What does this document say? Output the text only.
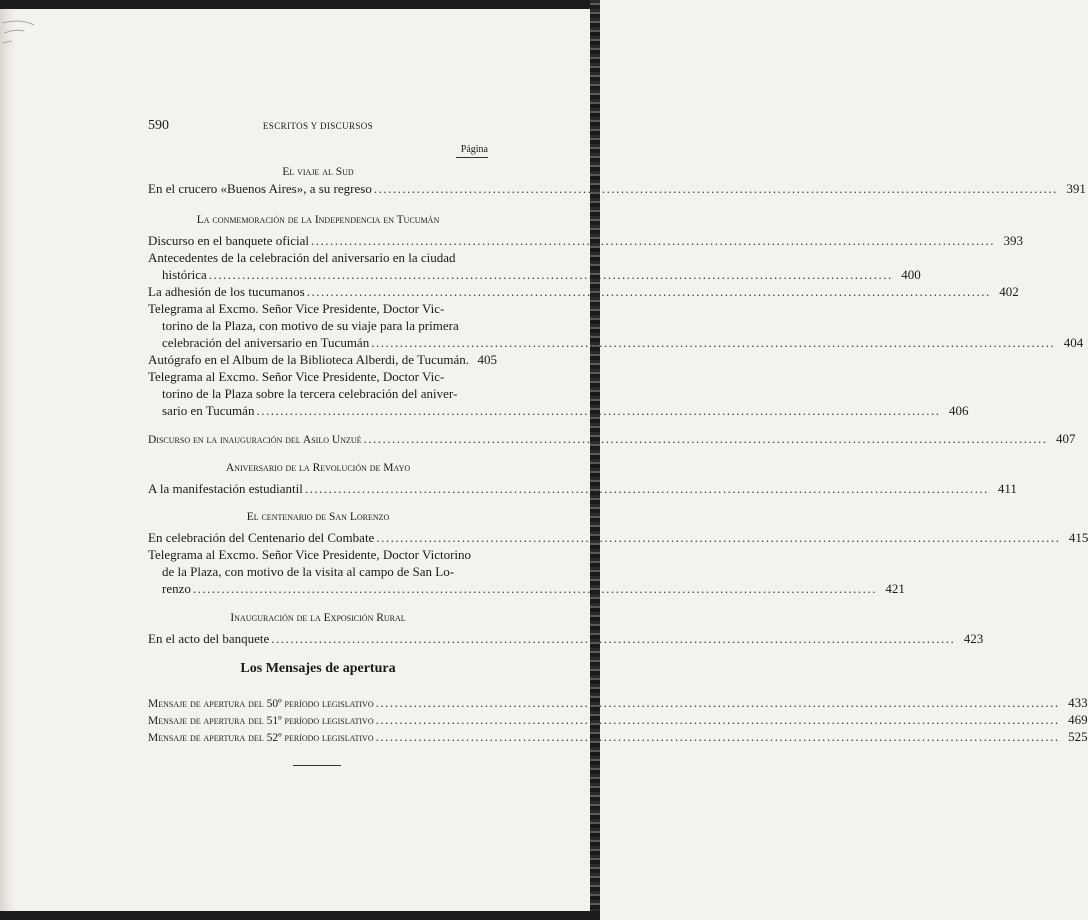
590	ESCRITOS Y DISCURSOS
Página
El viaje al Sud
En el crucero «Buenos Aires», a su regreso .....	391
La conmemoración de la Independencia en Tucumán
Discurso en el banquete oficial .....	393
Antecedentes de la celebración del aniversario en la ciudad
histórica .....	400
La adhesión de los tucumanos .....	402
Telegrama al Excmo. Señor Vice Presidente, Doctor Vic-
torino de la Plaza, con motivo de su viaje para la primera
celebración del aniversario en Tucumán .....	404
Autógrafo en el Album de la Biblioteca Alberdi, de Tucumán. 405
Telegrama al Excmo. Señor Vice Presidente, Doctor Vic-
torino de la Plaza sobre la tercera celebración del aniver-
sario en Tucumán .....	406
Discurso en la inauguración del Asilo Unzué .....	407
Aniversario de la Revolución de Mayo
A la manifestación estudiantil .....	411
El centenario de San Lorenzo
En celebración del Centenario del Combate .....	415
Telegrama al Excmo. Señor Vice Presidente, Doctor Victorino
de la Plaza, con motivo de la visita al campo de San Lo-
renzo .....	421
Inauguración de la Exposición Rural
En el acto del banquete .....	423
Los Mensajes de apertura
Mensaje de apertura del 50º período legislativo .....	433
Mensaje de apertura del 51º período legislativo .....	469
Mensaje de apertura del 52º período legislativo .....	525
